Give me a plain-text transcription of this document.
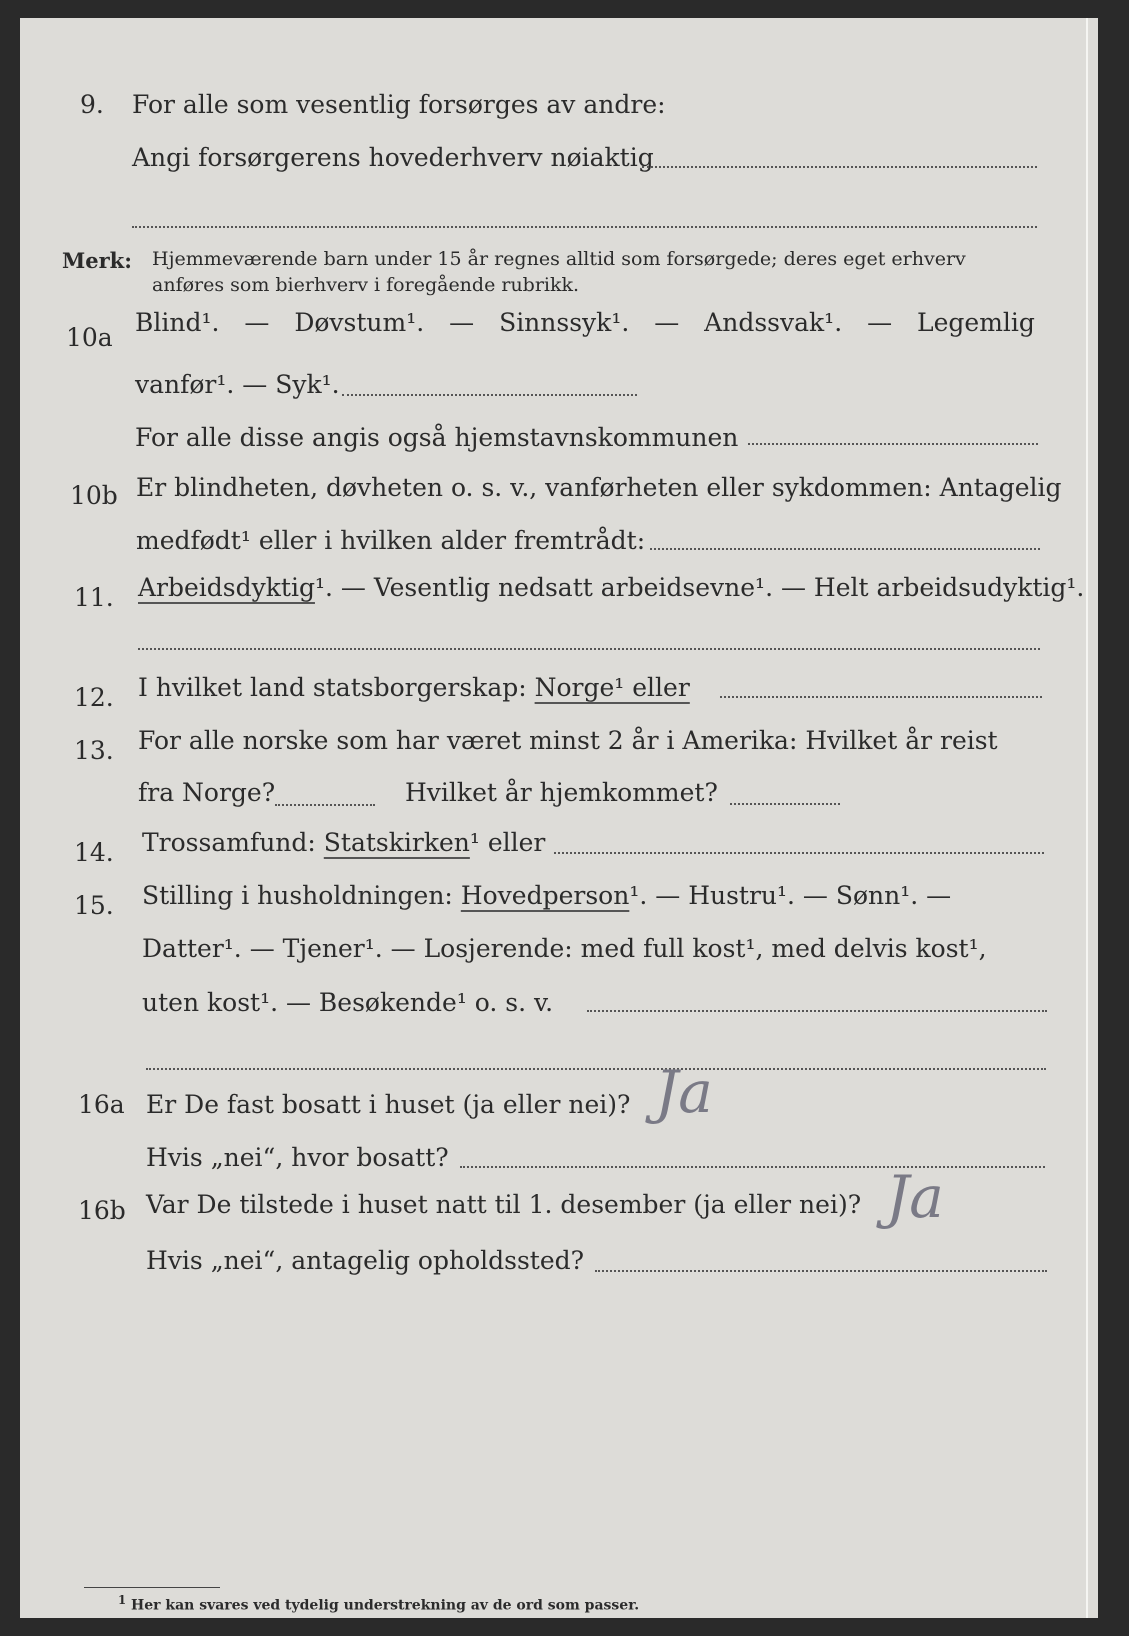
9. For alle som vesentlig forsørges av andre:
Angi forsørgerens hovederhverv nøiaktig
Merk: Hjemmeværende barn under 15 år regnes alltid som forsørgede; deres eget erhverv
anføres som bierhverv i foregående rubrikk.
10a
Blind¹. — Døvstum¹. — Sinnssyk¹. — Andssvak¹. — Legemlig
vanfør¹. — Syk¹.
For alle disse angis også hjemstavnskommunen
10b Er blindheten, døvheten o. s. v., vanførheten eller sykdommen: Antagelig
medfødt¹ eller i hvilken alder fremtrådt:
11. Arbeidsdyktig¹. — Vesentlig nedsatt arbeidsevne¹. — Helt arbeidsudyktig¹.
12. I hvilket land statsborgerskap: Norge¹ eller
13. For alle norske som har været minst 2 år i Amerika: Hvilket år reist
fra Norge?	Hvilket år hjemkommet?
14. Trossamfund: Statskirken¹ eller
15. Stilling i husholdningen: Hovedperson¹. — Hustru¹. — Sønn¹. —
Datter¹. — Tjener¹. — Losjerende: med full kost¹, med delvis kost¹,
uten kost¹. — Besøkende¹ o. s. v.
16a Er De fast bosatt i huset (ja eller nei)? Ja
Hvis „nei“, hvor bosatt?
16b Var De tilstede i huset natt til 1. desember (ja eller nei)? Ja
Hvis „nei“, antagelig opholdssted?
$^1$ Her kan svares ved tydelig understrekning av de ord som passer.
